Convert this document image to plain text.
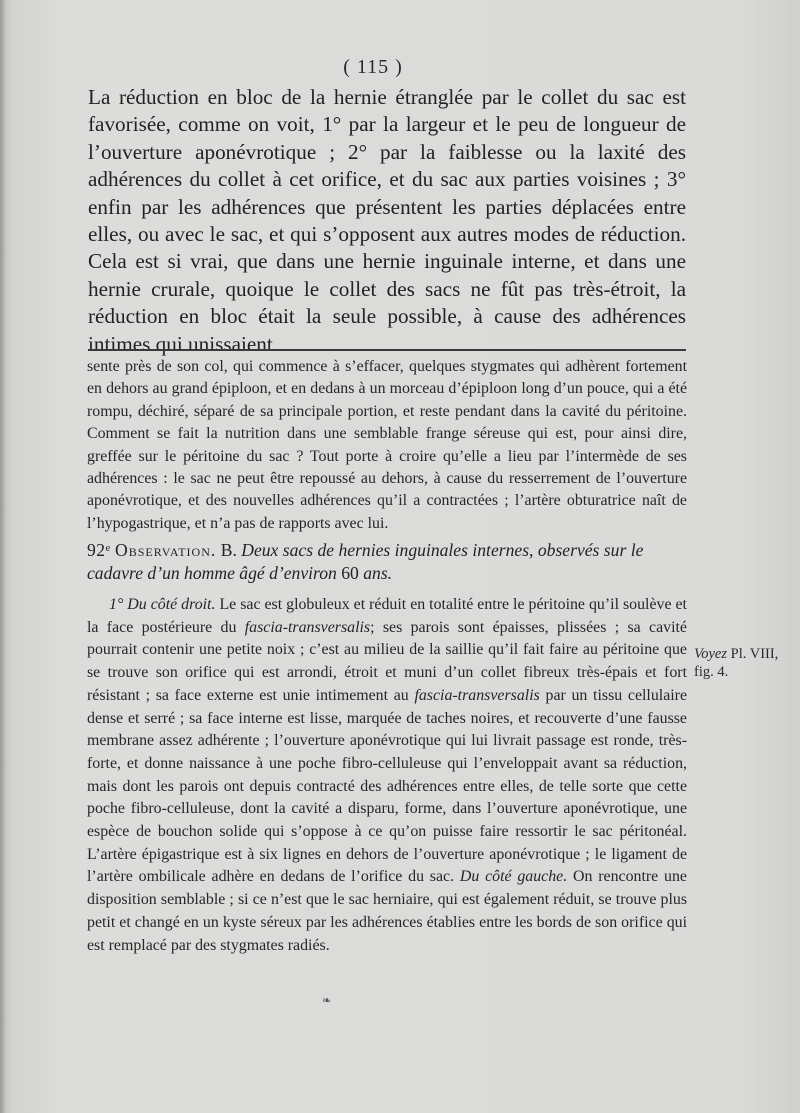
( 115 )

La réduction en bloc de la hernie étranglée par le collet du sac est favorisée, comme on voit, 1° par la largeur et le peu de longueur de l’ouverture aponévrotique ; 2° par la faiblesse ou la laxité des adhérences du collet à cet orifice, et du sac aux parties voisines ; 3° enfin par les adhérences que présentent les parties déplacées entre elles, ou avec le sac, et qui s’opposent aux autres modes de réduction. Cela est si vrai, que dans une hernie inguinale interne, et dans une hernie crurale, quoique le collet des sacs ne fût pas très-étroit, la réduction en bloc était la seule possible, à cause des adhérences intimes qui unissaient

sente près de son col, qui commence à s’effacer, quelques stygmates qui adhèrent fortement en dehors au grand épiploon, et en dedans à un morceau d’épiploon long d’un pouce, qui a été rompu, déchiré, séparé de sa principale portion, et reste pendant dans la cavité du péritoine. Comment se fait la nutrition dans une semblable frange séreuse qui est, pour ainsi dire, greffée sur le péritoine du sac ? Tout porte à croire qu’elle a lieu par l’intermède de ses adhérences : le sac ne peut être repoussé au dehors, à cause du resserrement de l’ouverture aponévrotique, et des nouvelles adhérences qu’il a contractées ; l’artère obturatrice naît de l’hypogastrique, et n’a pas de rapports avec lui.

92ᵉ Observation. B. Deux sacs de hernies inguinales internes, observés sur le cadavre d’un homme âgé d’environ 60 ans.

1° Du côté droit. Le sac est globuleux et réduit en totalité entre le péritoine qu’il soulève et la face postérieure du fascia-transversalis; ses parois sont épaisses, plissées ; sa cavité pourrait contenir une petite noix ; c’est au milieu de la saillie qu’il fait faire au péritoine que se trouve son orifice qui est arrondi, étroit et muni d’un collet fibreux très-épais et fort résistant ; sa face externe est unie intimement au fascia-transversalis par un tissu cellulaire dense et serré ; sa face interne est lisse, marquée de taches noires, et recouverte d’une fausse membrane assez adhérente ; l’ouverture aponévrotique qui lui livrait passage est ronde, très-forte, et donne naissance à une poche fibro-celluleuse qui l’enveloppait avant sa réduction, mais dont les parois ont depuis contracté des adhérences entre elles, de telle sorte que cette poche fibro-celluleuse, dont la cavité a disparu, forme, dans l’ouverture aponévrotique, une espèce de bouchon solide qui s’oppose à ce qu’on puisse faire ressortir le sac péritonéal. L’artère épigastrique est à six lignes en dehors de l’ouverture aponévrotique ; le ligament de l’artère ombilicale adhère en dedans de l’orifice du sac. Du côté gauche. On rencontre une disposition semblable ; si ce n’est que le sac herniaire, qui est également réduit, se trouve plus petit et changé en un kyste séreux par les adhérences établies entre les bords de son orifice qui est remplacé par des stygmates radiés.

Voyez Pl. VIII,
fig. 4.
❧
